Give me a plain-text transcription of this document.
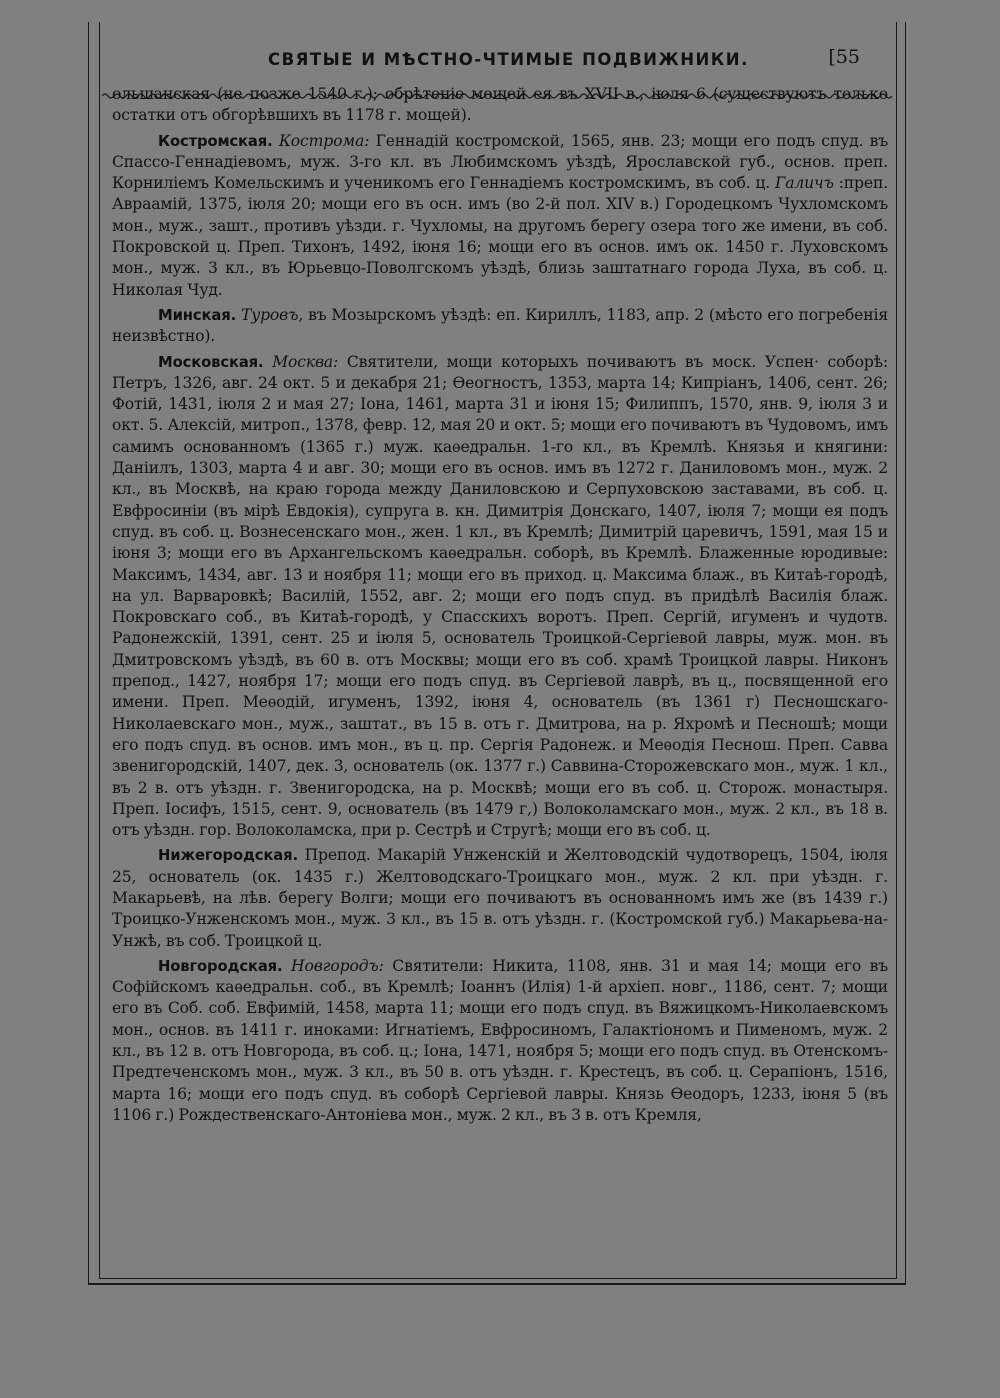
СВЯТЫЕ И МѢСТНО-ЧТИМЫЕ ПОДВИЖНИКИ.	[55

ольшанская (не позже 1540 г.); обрѣтеніе мощей ея въ XVII в., іюля 6 (существуютъ только остатки отъ обгорѣвшихъ въ 1178 г. мощей).

Костромская. Кострома: Геннадій костромской, 1565, янв. 23; мощи его подъ спуд. въ Спассо-Геннадіевомъ, муж. 3-го кл. въ Любимскомъ уѣздѣ, Ярославской губ., основ. преп. Корниліемъ Комельскимъ и ученикомъ его Геннадіемъ костромскимъ, въ соб. ц. Галичъ :преп. Авраамій, 1375, іюля 20; мощи его въ осн. имъ (во 2-й пол. XIV в.) Городецкомъ Чухломскомъ мон., муж., зашт., противъ уѣзди. г. Чухломы, на другомъ берегу озера того же имени, въ соб. Покровской ц. Преп. Тихонъ, 1492, іюня 16; мощи его въ основ. имъ ок. 1450 г. Луховскомъ мон., муж. 3 кл., въ Юрьевцо-Поволгскомъ уѣздѣ, близь заштатнаго города Луха, въ соб. ц. Николая Чуд.

Минская. Туровъ, въ Мозырскомъ уѣздѣ: еп. Кириллъ, 1183, апр. 2 (мѣсто его погребенія неизвѣстно).

Московская. Москва: Святители, мощи которыхъ почиваютъ въ моск. Успен· соборѣ: Петръ, 1326, авг. 24 окт. 5 и декабря 21; Өеогностъ, 1353, марта 14; Кипріанъ, 1406, сент. 26; Фотій, 1431, іюля 2 и мая 27; Іона, 1461, марта 31 и іюня 15; Филиппъ, 1570, янв. 9, іюля 3 и окт. 5. Алексій, митроп., 1378, февр. 12, мая 20 и окт. 5; мощи его почиваютъ въ Чудовомъ, имъ самимъ основанномъ (1365 г.) муж. каѳедральн. 1-го кл., въ Кремлѣ. Князья и княгини: Даніилъ, 1303, марта 4 и авг. 30; мощи его въ основ. имъ въ 1272 г. Даниловомъ мон., муж. 2 кл., въ Москвѣ, на краю города между Даниловскою и Серпуховскою заставами, въ соб. ц. Евфросиніи (въ мірѣ Евдокія), супруга в. кн. Димитрія Донскаго, 1407, іюля 7; мощи ея подъ спуд. въ соб. ц. Вознесенскаго мон., жен. 1 кл., въ Кремлѣ; Димитрій царевичъ, 1591, мая 15 и іюня 3; мощи его въ Архангельскомъ каѳедральн. соборѣ, въ Кремлѣ. Блаженные юродивые: Максимъ, 1434, авг. 13 и ноября 11; мощи его въ приход. ц. Максима блаж., въ Китаѣ-городѣ, на ул. Варваровкѣ; Василій, 1552, авг. 2; мощи его подъ спуд. въ придѣлѣ Василія блаж. Покровскаго соб., въ Китаѣ-городѣ, у Спасскихъ воротъ. Преп. Сергій, игуменъ и чудотв. Радонежскій, 1391, сент. 25 и іюля 5, основатель Троицкой-Сергіевой лавры, муж. мон. въ Дмитровскомъ уѣздѣ, въ 60 в. отъ Москвы; мощи его въ соб. храмѣ Троицкой лавры. Никонъ препод., 1427, ноября 17; мощи его подъ спуд. въ Сергіевой лаврѣ, въ ц., посвященной его имени. Преп. Меѳодій, игуменъ, 1392, іюня 4, основатель (въ 1361 г) Песношскаго-Николаевскаго мон., муж., заштат., въ 15 в. отъ г. Дмитрова, на р. Яхромѣ и Песношѣ; мощи его подъ спуд. въ основ. имъ мон., въ ц. пр. Сергія Радонеж. и Меѳодія Песнош. Преп. Савва звенигородскій, 1407, дек. 3, основатель (ок. 1377 г.) Саввина-Сторожевскаго мон., муж. 1 кл., въ 2 в. отъ уѣздн. г. Звенигородска, на р. Москвѣ; мощи его въ соб. ц. Сторож. монастыря. Преп. Іосифъ, 1515, сент. 9, основатель (въ 1479 г,) Волоколамскаго мон., муж. 2 кл., въ 18 в. отъ уѣздн. гор. Волоколамска, при р. Сестрѣ и Стругѣ; мощи его въ соб. ц.

Нижегородская. Препод. Макарій Унженскій и Желтоводскій чудотворецъ, 1504, іюля 25, основатель (ок. 1435 г.) Желтоводскаго-Троицкаго мон., муж. 2 кл. при уѣздн. г. Макарьевѣ, на лѣв. берегу Волги; мощи его почиваютъ въ основанномъ имъ же (въ 1439 г.) Троицко-Унженскомъ мон., муж. 3 кл., въ 15 в. отъ уѣздн. г. (Костромской губ.) Макарьева-на-Унжѣ, въ соб. Троицкой ц.

Новгородская. Новгородъ: Святители: Никита, 1108, янв. 31 и мая 14; мощи его въ Софійскомъ каѳедральн. соб., въ Кремлѣ; Іоаннъ (Илія) 1-й архіеп. новг., 1186, сент. 7; мощи его въ Соб. соб. Евфимій, 1458, марта 11; мощи его подъ спуд. въ Вяжицкомъ-Николаевскомъ мон., основ. въ 1411 г. иноками: Игнатіемъ, Евфросиномъ, Галактіономъ и Пименомъ, муж. 2 кл., въ 12 в. отъ Новгорода, въ соб. ц.; Іона, 1471, ноября 5; мощи его подъ спуд. въ Отенскомъ-Предтеченскомъ мон., муж. 3 кл., въ 50 в. отъ уѣздн. г. Крестецъ, въ соб. ц. Серапіонъ, 1516, марта 16; мощи его подъ спуд. въ соборѣ Сергіевой лавры. Князь Өеодоръ, 1233, іюня 5 (въ 1106 г.) Рождественскаго-Антоніева мон., муж. 2 кл., въ 3 в. отъ Кремля,
